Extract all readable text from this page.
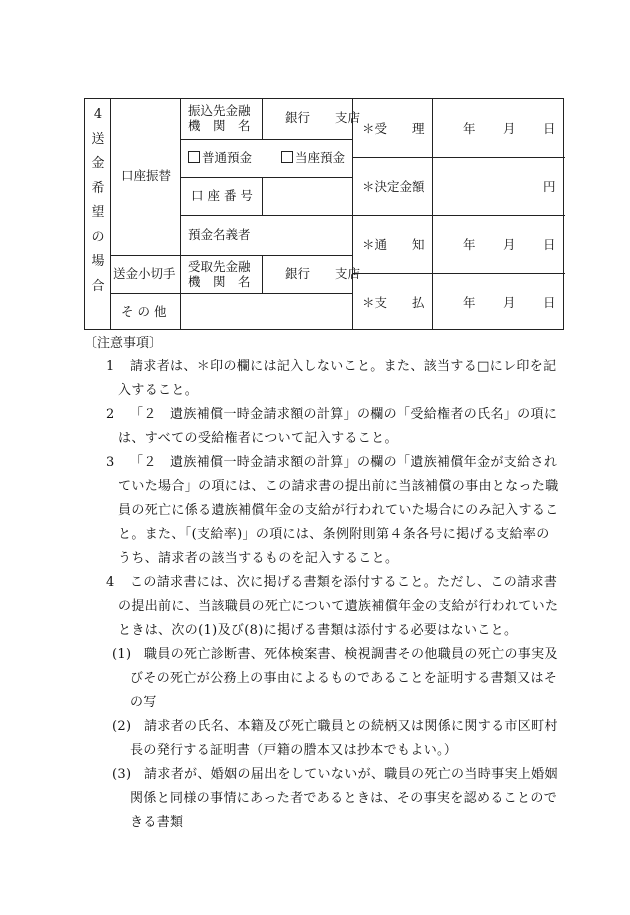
4
送
金
希
望
の
場
合
口座振替
送金小切手
そ の 他
振込先金融
機　関　名
銀行 支店
普通預金	当座預金
口 座 番 号
預金名義者
受取先金融
機　関　名
銀行 支店
＊受　　理
＊決定金額
＊通　　知
＊支　　払
年 月 日
円
年 月 日
年 月 日
〔注意事項〕
1 請求者は、＊印の欄には記入しないこと。また、該当する□にレ印を記
入すること。
2 「２　遺族補償一時金請求額の計算」の欄の「受給権者の氏名」の項に
は、すべての受給権者について記入すること。
3 「２　遺族補償一時金請求額の計算」の欄の「遺族補償年金が支給され
ていた場合」の項には、この請求書の提出前に当該補償の事由となった職
員の死亡に係る遺族補償年金の支給が行われていた場合にのみ記入するこ
と。また、「(支給率)」の項には、条例附則第４条各号に掲げる支給率の
うち、請求者の該当するものを記入すること。
4 この請求書には、次に掲げる書類を添付すること。ただし、この請求書
の提出前に、当該職員の死亡について遺族補償年金の支給が行われていた
ときは、次の(1)及び(8)に掲げる書類は添付する必要はないこと。
(1) 職員の死亡診断書、死体検案書、検視調書その他職員の死亡の事実及
びその死亡が公務上の事由によるものであることを証明する書類又はそ
の写
(2) 請求者の氏名、本籍及び死亡職員との続柄又は関係に関する市区町村
長の発行する証明書（戸籍の謄本又は抄本でもよい。）
(3) 請求者が、婚姻の届出をしていないが、職員の死亡の当時事実上婚姻
関係と同様の事情にあった者であるときは、その事実を認めることので
きる書類
